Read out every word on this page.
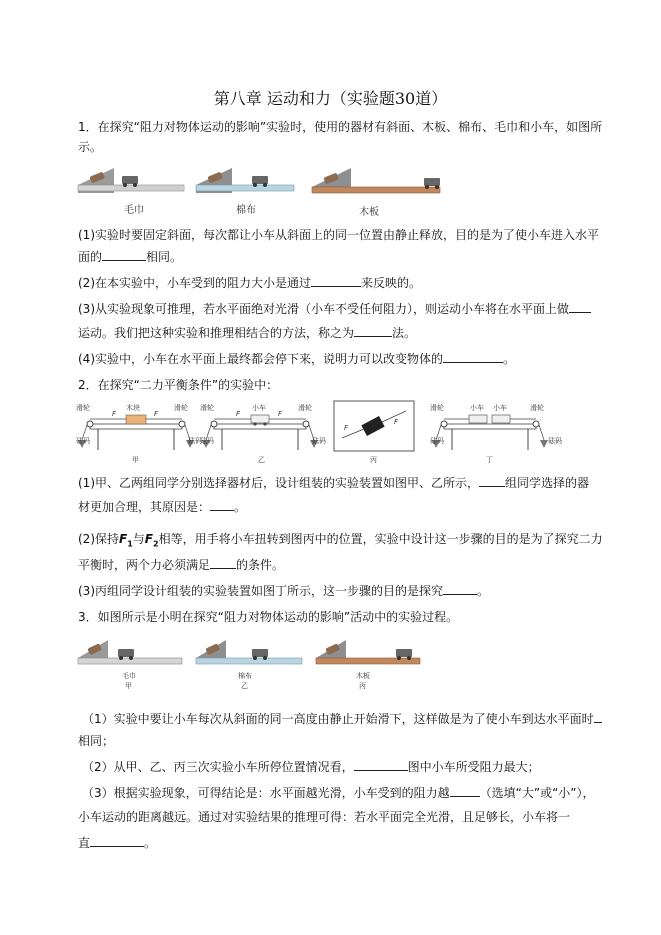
第八章 运动和力（实验题30道）
1．在探究“阻力对物体运动的影响”实验时，使用的器材有斜面、木板、棉布、毛巾和小车，如图所
示。
毛巾	棉布	木板
(1)实验时要固定斜面，每次都让小车从斜面上的同一位置由静止释放，目的是为了使小车进入水平
面的	相同。
(2)在本实验中，小车受到的阻力大小是通过	来反映的。
(3)从实验现象可推理，若水平面绝对光滑（小车不受任何阻力），则运动小车将在水平面上做
运动。我们把这种实验和推理相结合的方法，称之为	法。
(4)实验中，小车在水平面上最终都会停下来，说明力可以改变物体的	。
2．在探究“二力平衡条件”的实验中：
滑轮	滑轮
木块
砝码	砝码
F	F
甲
滑轮	滑轮
小车
砝码	砝码
F	F
乙
F
F
丙
滑轮	滑轮
小车 小车
砝码	砝码
丁
(1)甲、乙两组同学分别选择器材后，设计组装的实验装置如图甲、乙所示， 组同学选择的器
材更加合理，其原因是： 。
(2)保持$F_1$与$F_2$相等，用手将小车扭转到图丙中的位置，实验中设计这一步骤的目的是为了探究二力
平衡时，两个力必须满足 的条件。
(3)丙组同学设计组装的实验装置如图丁所示，这一步骤的目的是探究	。
3．如图所示是小明在探究“阻力对物体运动的影响”活动中的实验过程。
毛巾
甲
棉布
乙
木板
丙
（1）实验中要让小车每次从斜面的同一高度由静止开始滑下，这样做是为了使小车到达水平面时
相同；
（2）从甲、乙、丙三次实验小车所停位置情况看，	图中小车所受阻力最大；
（3）根据实验现象，可得结论是：水平面越光滑，小车受到的阻力越	（选填“大”或“小”），
小车运动的距离越远。通过对实验结果的推理可得：若水平面完全光滑，且足够长，小车将一
直	。
